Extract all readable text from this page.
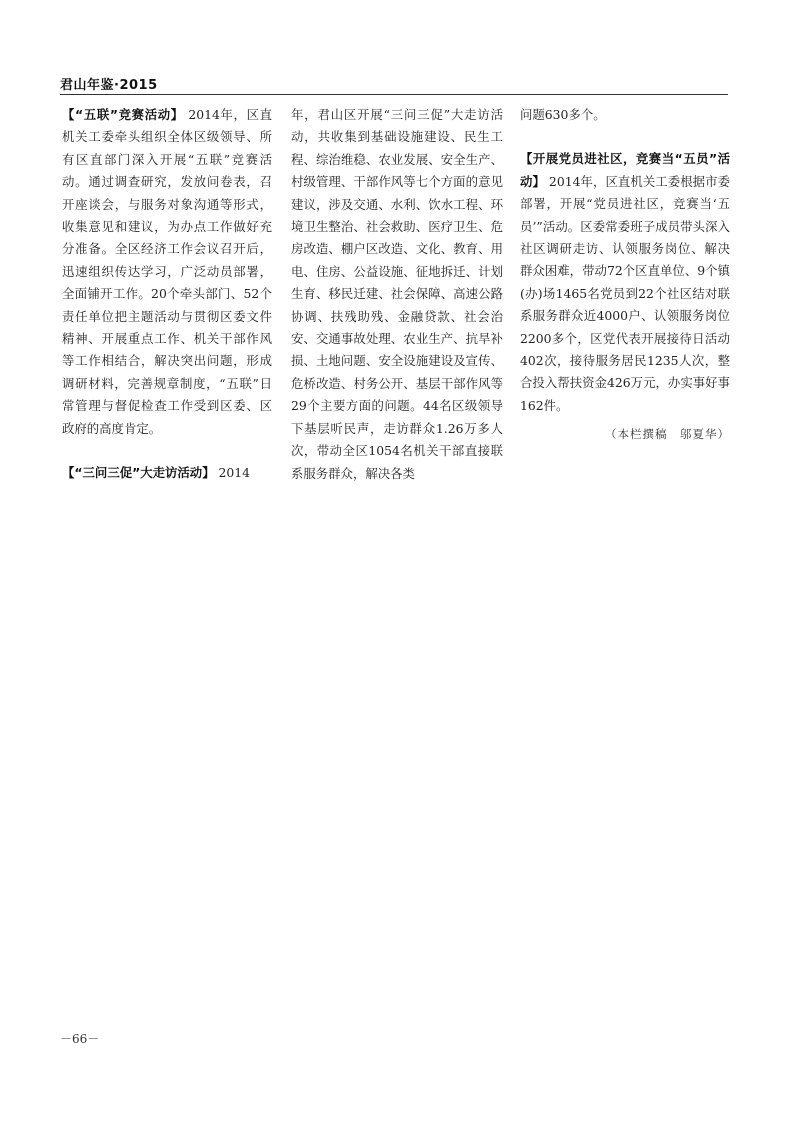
君山年鉴·2015

【“五联”竞赛活动】 2014年，区直机关工委牵头组织全体区级领导、所有区直部门深入开展“五联”竞赛活动。通过调查研究，发放问卷表，召开座谈会，与服务对象沟通等形式，收集意见和建议，为办点工作做好充分准备。全区经济工作会议召开后，迅速组织传达学习，广泛动员部署，全面铺开工作。20个牵头部门、52个责任单位把主题活动与贯彻区委文件精神、开展重点工作、机关干部作风等工作相结合，解决突出问题，形成调研材料，完善规章制度，“五联”日常管理与督促检查工作受到区委、区政府的高度肯定。

【“三问三促”大走访活动】 2014

年，君山区开展“三问三促”大走访活动，共收集到基础设施建设、民生工程、综治维稳、农业发展、安全生产、村级管理、干部作风等七个方面的意见建议，涉及交通、水利、饮水工程、环境卫生整治、社会救助、医疗卫生、危房改造、棚户区改造、文化、教育、用电、住房、公益设施、征地拆迁、计划生育、移民迁建、社会保障、高速公路协调、扶残助残、金融贷款、社会治安、交通事故处理、农业生产、抗旱补损、土地问题、安全设施建设及宣传、危桥改造、村务公开、基层干部作风等29个主要方面的问题。44名区级领导下基层听民声，走访群众1.26万多人次，带动全区1054名机关干部直接联系服务群众，解决各类

问题630多个。

【开展党员进社区，竞赛当“五员”活动】 2014年，区直机关工委根据市委部署，开展“党员进社区，竞赛当‘五员’”活动。区委常委班子成员带头深入社区调研走访、认领服务岗位、解决群众困难，带动72个区直单位、9个镇(办)场1465名党员到22个社区结对联系服务群众近4000户、认领服务岗位2200多个，区党代表开展接待日活动402次，接待服务居民1235人次，整合投入帮扶资金426万元，办实事好事162件。

（本栏撰稿　邬夏华）

－66－
